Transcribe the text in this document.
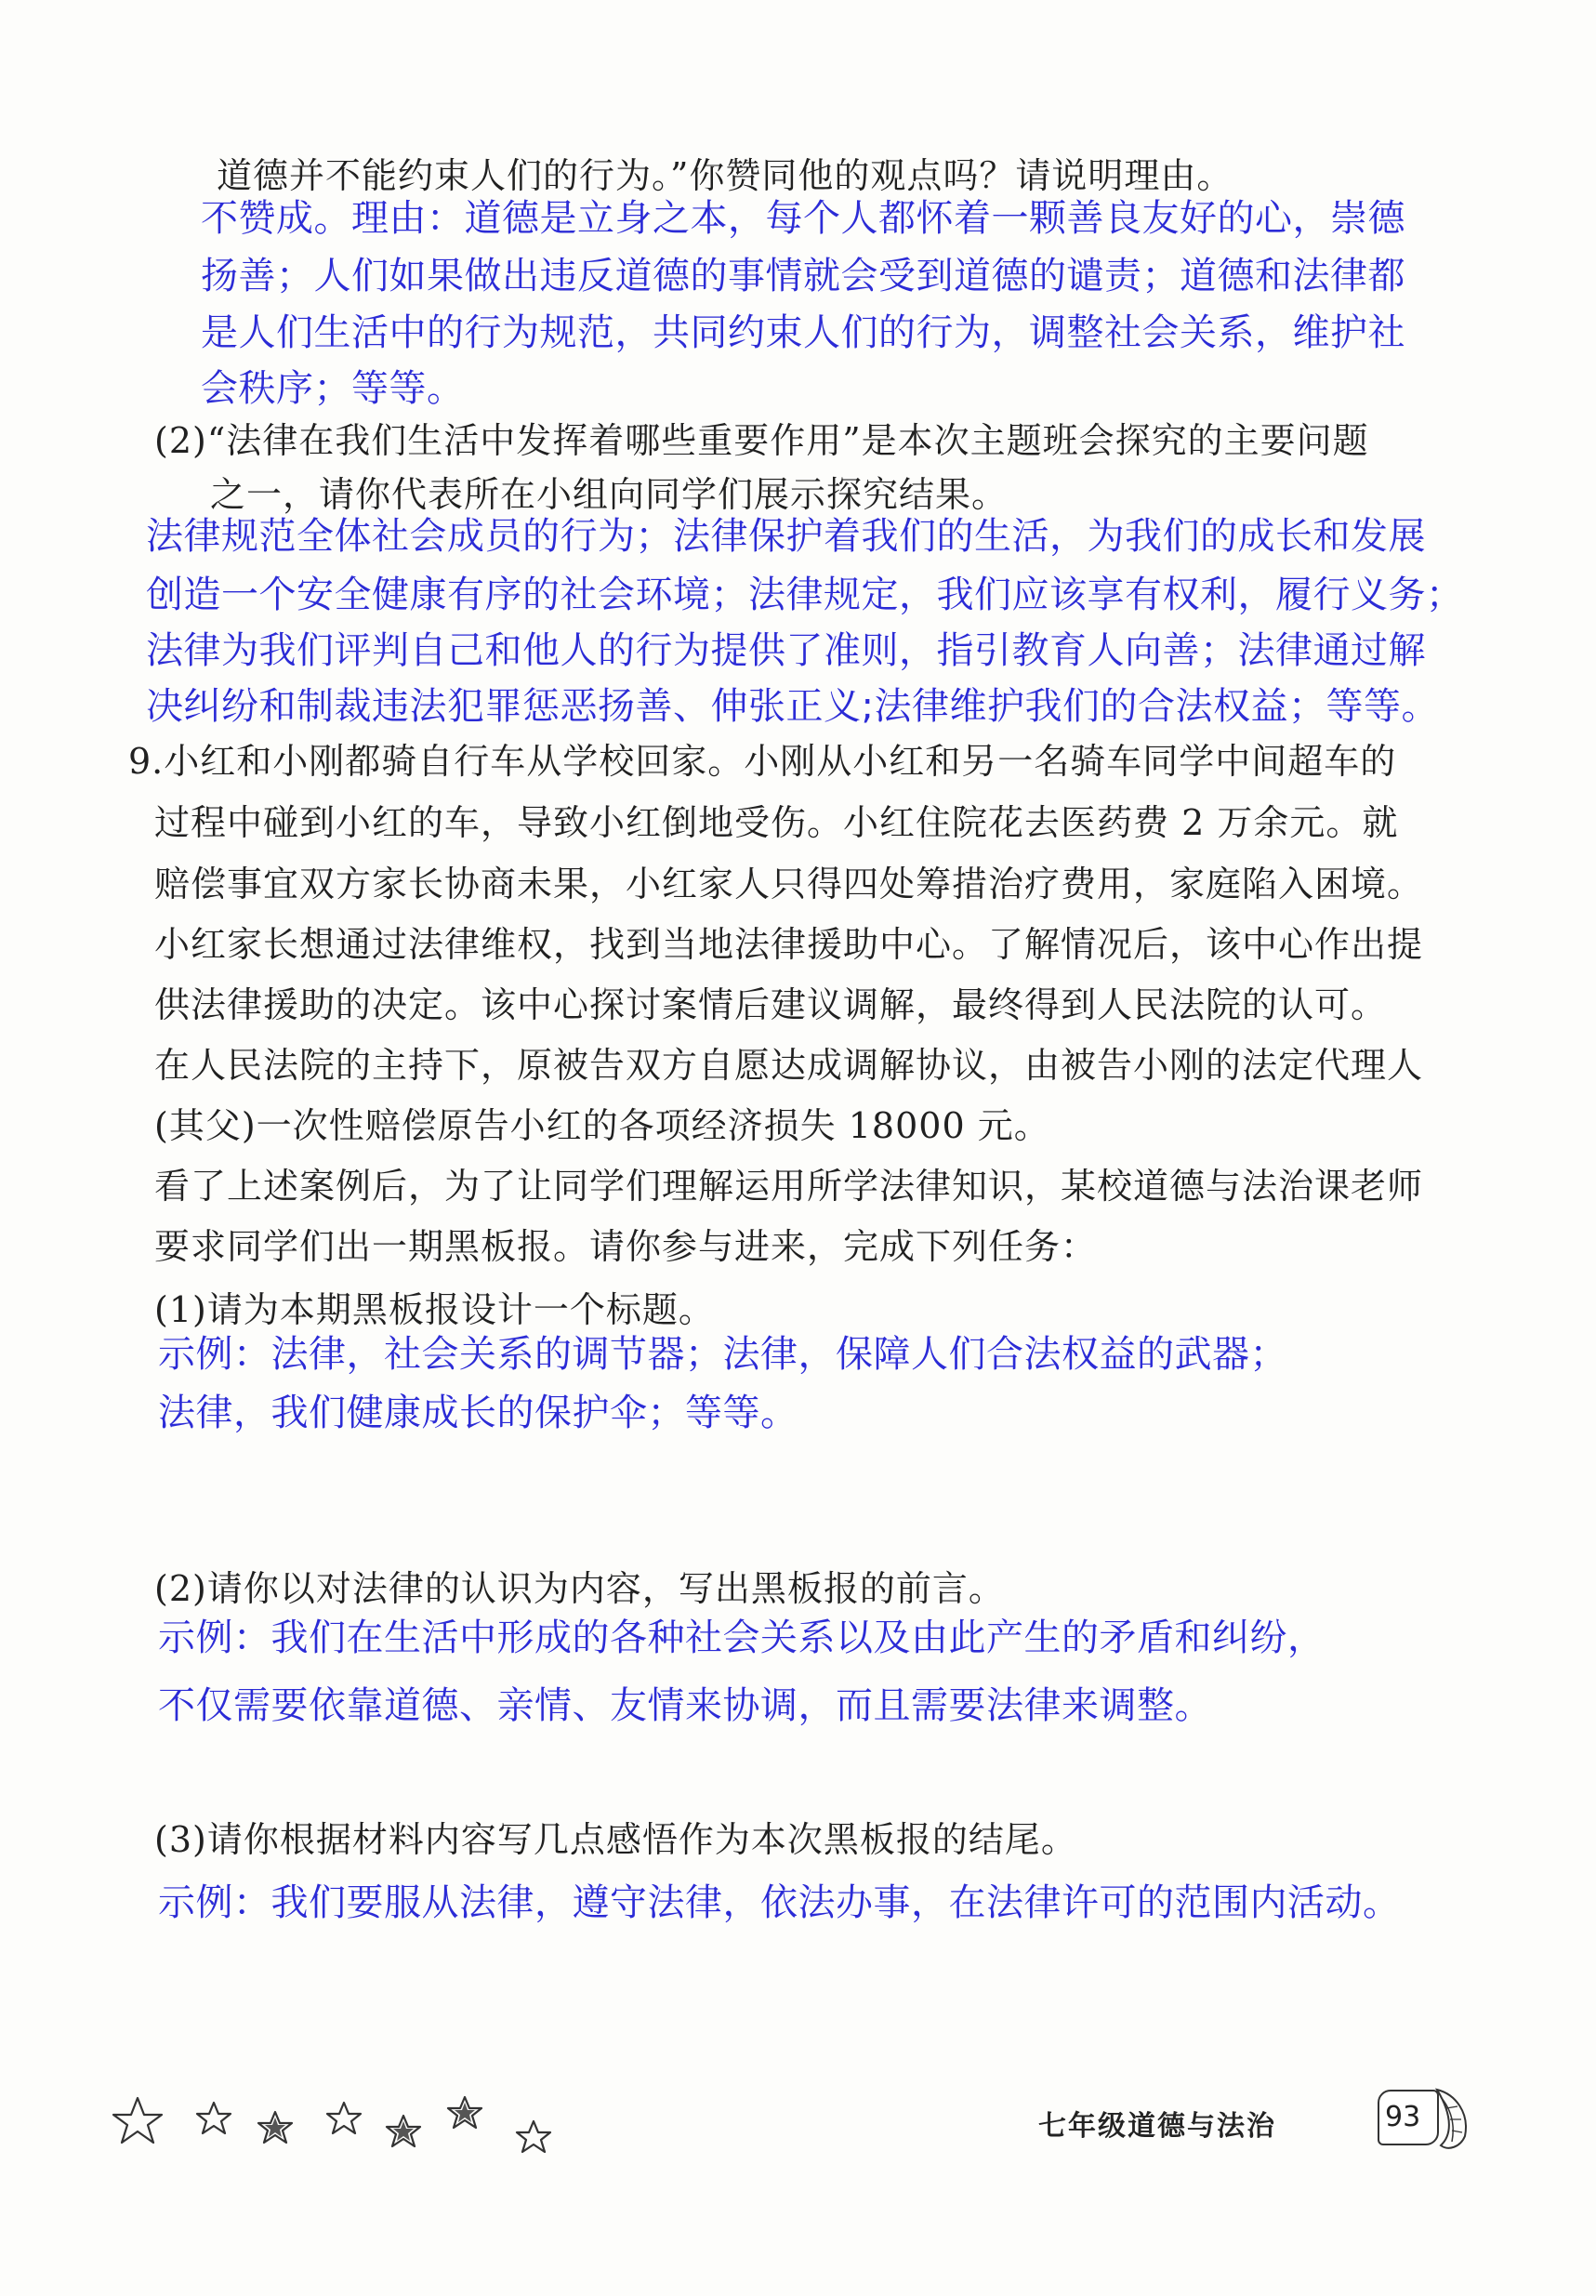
道德并不能约束人们的行为。”你赞同他的观点吗？请说明理由。
不赞成。理由：道德是立身之本，每个人都怀着一颗善良友好的心，崇德
扬善；人们如果做出违反道德的事情就会受到道德的谴责；道德和法律都
是人们生活中的行为规范，共同约束人们的行为，调整社会关系，维护社
会秩序；等等。
(2)“法律在我们生活中发挥着哪些重要作用”是本次主题班会探究的主要问题
之一，请你代表所在小组向同学们展示探究结果。
法律规范全体社会成员的行为；法律保护着我们的生活，为我们的成长和发展
创造一个安全健康有序的社会环境；法律规定，我们应该享有权利，履行义务；
法律为我们评判自己和他人的行为提供了准则，指引教育人向善；法律通过解
决纠纷和制裁违法犯罪惩恶扬善、伸张正义;法律维护我们的合法权益；等等。
9.小红和小刚都骑自行车从学校回家。小刚从小红和另一名骑车同学中间超车的
过程中碰到小红的车，导致小红倒地受伤。小红住院花去医药费 2 万余元。就
赔偿事宜双方家长协商未果，小红家人只得四处筹措治疗费用，家庭陷入困境。
小红家长想通过法律维权，找到当地法律援助中心。了解情况后，该中心作出提
供法律援助的决定。该中心探讨案情后建议调解，最终得到人民法院的认可。
在人民法院的主持下，原被告双方自愿达成调解协议，由被告小刚的法定代理人
(其父)一次性赔偿原告小红的各项经济损失 18000 元。
看了上述案例后，为了让同学们理解运用所学法律知识，某校道德与法治课老师
要求同学们出一期黑板报。请你参与进来，完成下列任务：
(1)请为本期黑板报设计一个标题。
示例：法律，社会关系的调节器；法律，保障人们合法权益的武器；
法律，我们健康成长的保护伞；等等。
(2)请你以对法律的认识为内容，写出黑板报的前言。
示例：我们在生活中形成的各种社会关系以及由此产生的矛盾和纠纷，
不仅需要依靠道德、亲情、友情来协调，而且需要法律来调整。
(3)请你根据材料内容写几点感悟作为本次黑板报的结尾。
示例：我们要服从法律，遵守法律，依法办事，在法律许可的范围内活动。
七年级道德与法治	93
